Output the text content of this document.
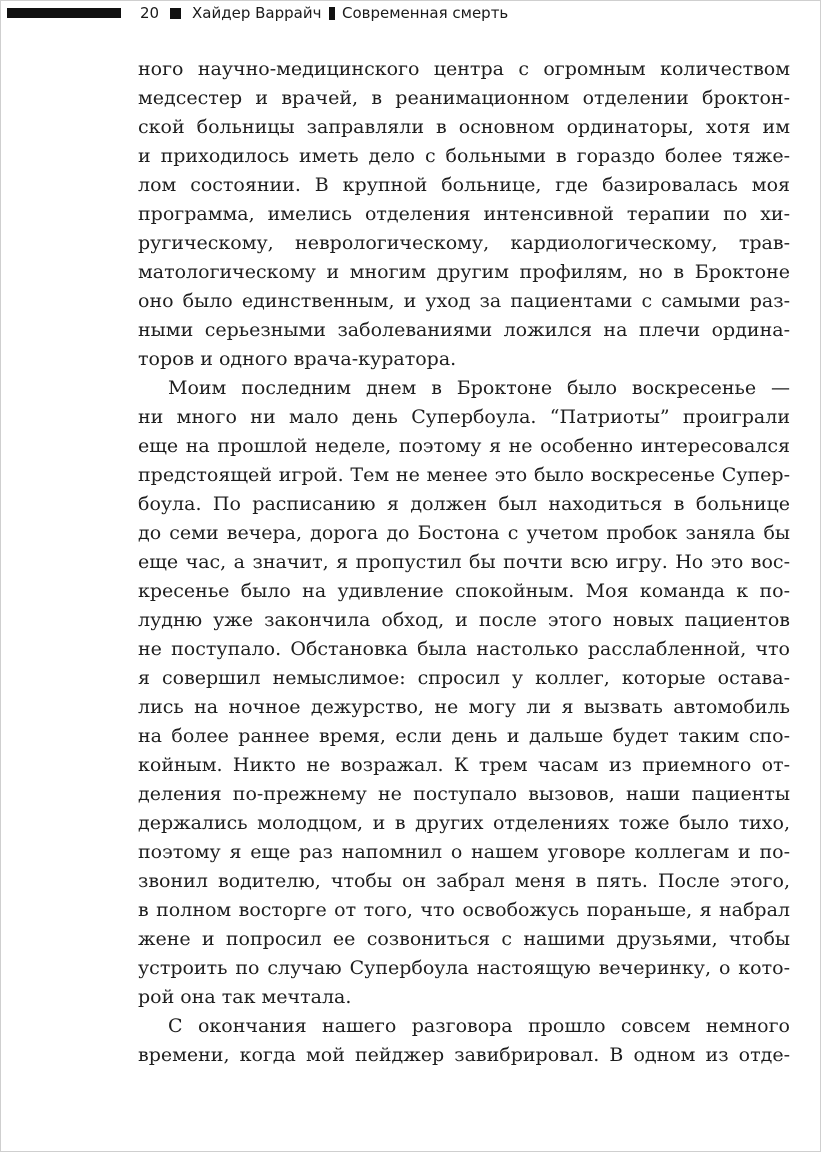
20 Хайдер Варрайч Современная смерть

ного научно-медицинского центра с огромным количеством
медсестер и врачей, в реанимационном отделении броктон-
ской больницы заправляли в основном ординаторы, хотя им
и приходилось иметь дело с больными в гораздо более тяже-
лом состоянии. В крупной больнице, где базировалась моя
программа, имелись отделения интенсивной терапии по хи-
ругическому, неврологическому, кардиологическому, трав-
матологическому и многим другим профилям, но в Броктоне
оно было единственным, и уход за пациентами с самыми раз-
ными серьезными заболеваниями ложился на плечи ордина-
торов и одного врача-куратора.

Моим последним днем в Броктоне было воскресенье —
ни много ни мало день Супербоула. “Патриоты” проиграли
еще на прошлой неделе, поэтому я не особенно интересовался
предстоящей игрой. Тем не менее это было воскресенье Супер-
боула. По расписанию я должен был находиться в больнице
до семи вечера, дорога до Бостона с учетом пробок заняла бы
еще час, а значит, я пропустил бы почти всю игру. Но это вос-
кресенье было на удивление спокойным. Моя команда к по-
лудню уже закончила обход, и после этого новых пациентов
не поступало. Обстановка была настолько расслабленной, что
я совершил немыслимое: спросил у коллег, которые остава-
лись на ночное дежурство, не могу ли я вызвать автомобиль
на более раннее время, если день и дальше будет таким спо-
койным. Никто не возражал. К трем часам из приемного от-
деления по-прежнему не поступало вызовов, наши пациенты
держались молодцом, и в других отделениях тоже было тихо,
поэтому я еще раз напомнил о нашем уговоре коллегам и по-
звонил водителю, чтобы он забрал меня в пять. После этого,
в полном восторге от того, что освобожусь пораньше, я набрал
жене и попросил ее созвониться с нашими друзьями, чтобы
устроить по случаю Супербоула настоящую вечеринку, о кото-
рой она так мечтала.

С окончания нашего разговора прошло совсем немного
времени, когда мой пейджер завибрировал. В одном из отде-
